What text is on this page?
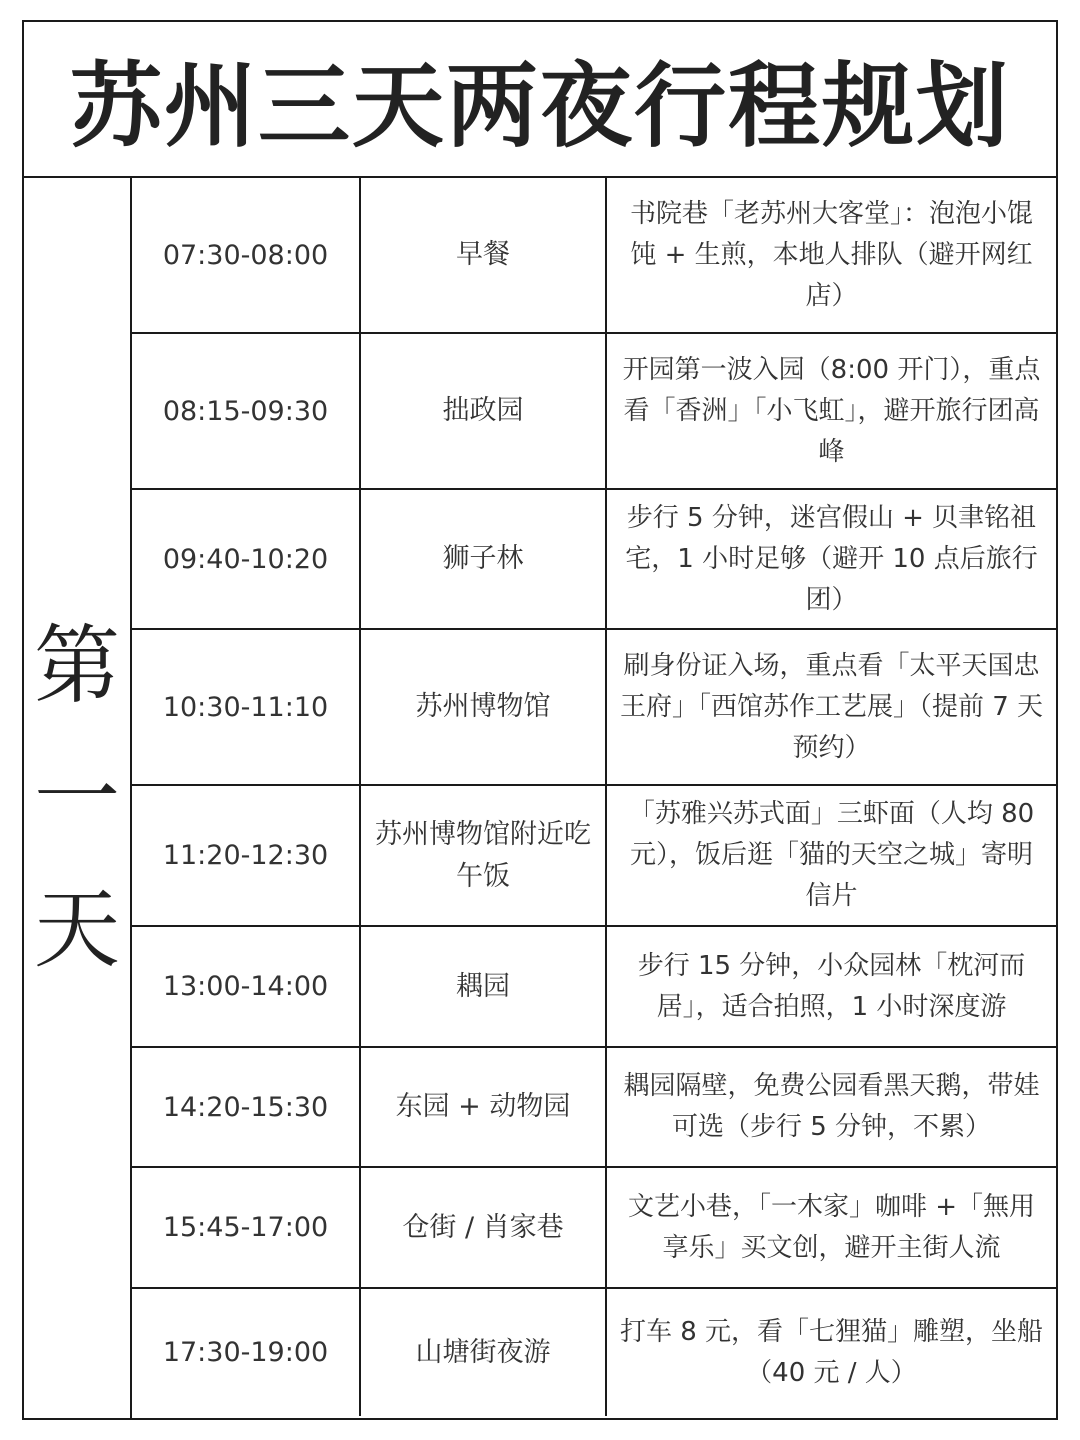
苏州三天两夜行程规划
第
一
天
07:30-08:00	早餐	书院巷「老苏州大客堂」：泡泡小馄饨 + 生煎，本地人排队（避开网红店）
08:15-09:30	拙政园	开园第一波入园（8:00 开门），重点看「香洲」「小飞虹」，避开旅行团高峰
09:40-10:20	狮子林	步行 5 分钟，迷宫假山 + 贝聿铭祖宅，1 小时足够（避开 10 点后旅行团）
10:30-11:10	苏州博物馆	刷身份证入场，重点看「太平天国忠王府」「西馆苏作工艺展」（提前 7 天预约）
11:20-12:30	苏州博物馆附近吃午饭	「苏雅兴苏式面」三虾面（人均 80 元），饭后逛「猫的天空之城」寄明信片
13:00-14:00	耦园	步行 15 分钟，小众园林「枕河而居」，适合拍照，1 小时深度游
14:20-15:30	东园 + 动物园	耦园隔壁，免费公园看黑天鹅，带娃可选（步行 5 分钟，不累）
15:45-17:00	仓街 / 肖家巷	文艺小巷，「一木家」咖啡 +「無用享乐」买文创，避开主街人流
17:30-19:00	山塘街夜游	打车 8 元，看「七狸猫」雕塑，坐船（40 元 / 人）
